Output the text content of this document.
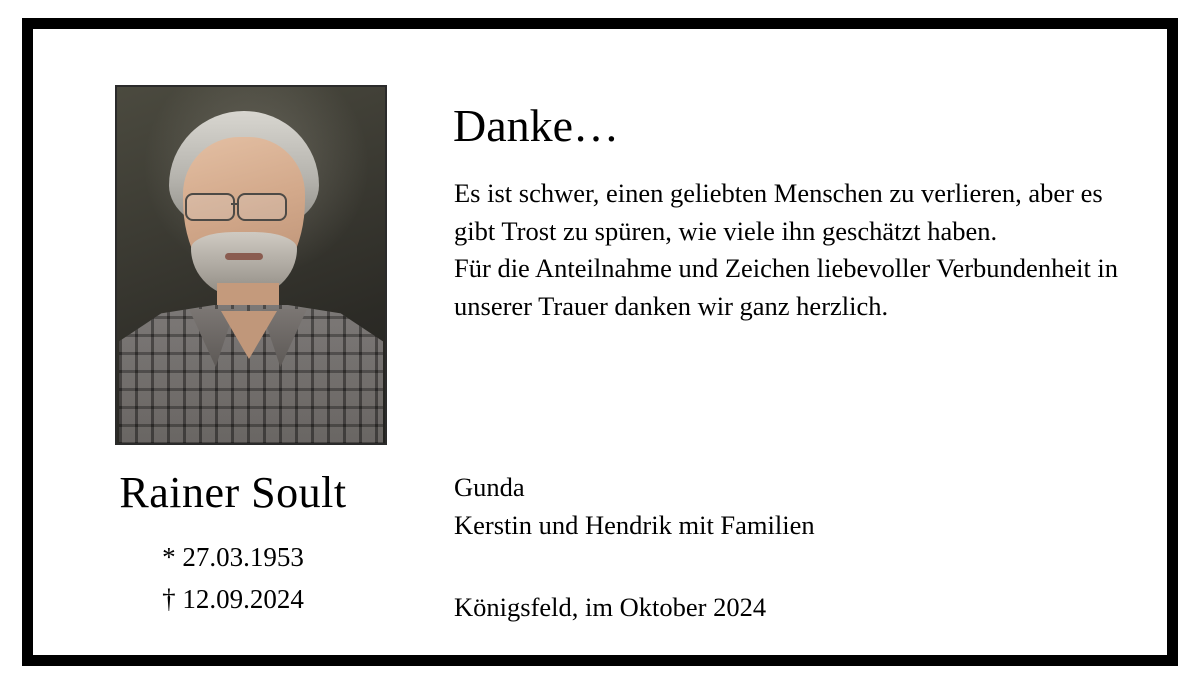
Rainer Soult
* 27.03.1953
† 12.09.2024
Danke…

Es ist schwer, einen geliebten Menschen zu verlieren, aber es gibt Trost zu spüren, wie viele ihn geschätzt haben.

Für die Anteilnahme und Zeichen liebevoller Verbundenheit in unserer Trauer danken wir ganz herzlich.

Gunda
Kerstin und Hendrik mit Familien
Königsfeld, im Oktober 2024
